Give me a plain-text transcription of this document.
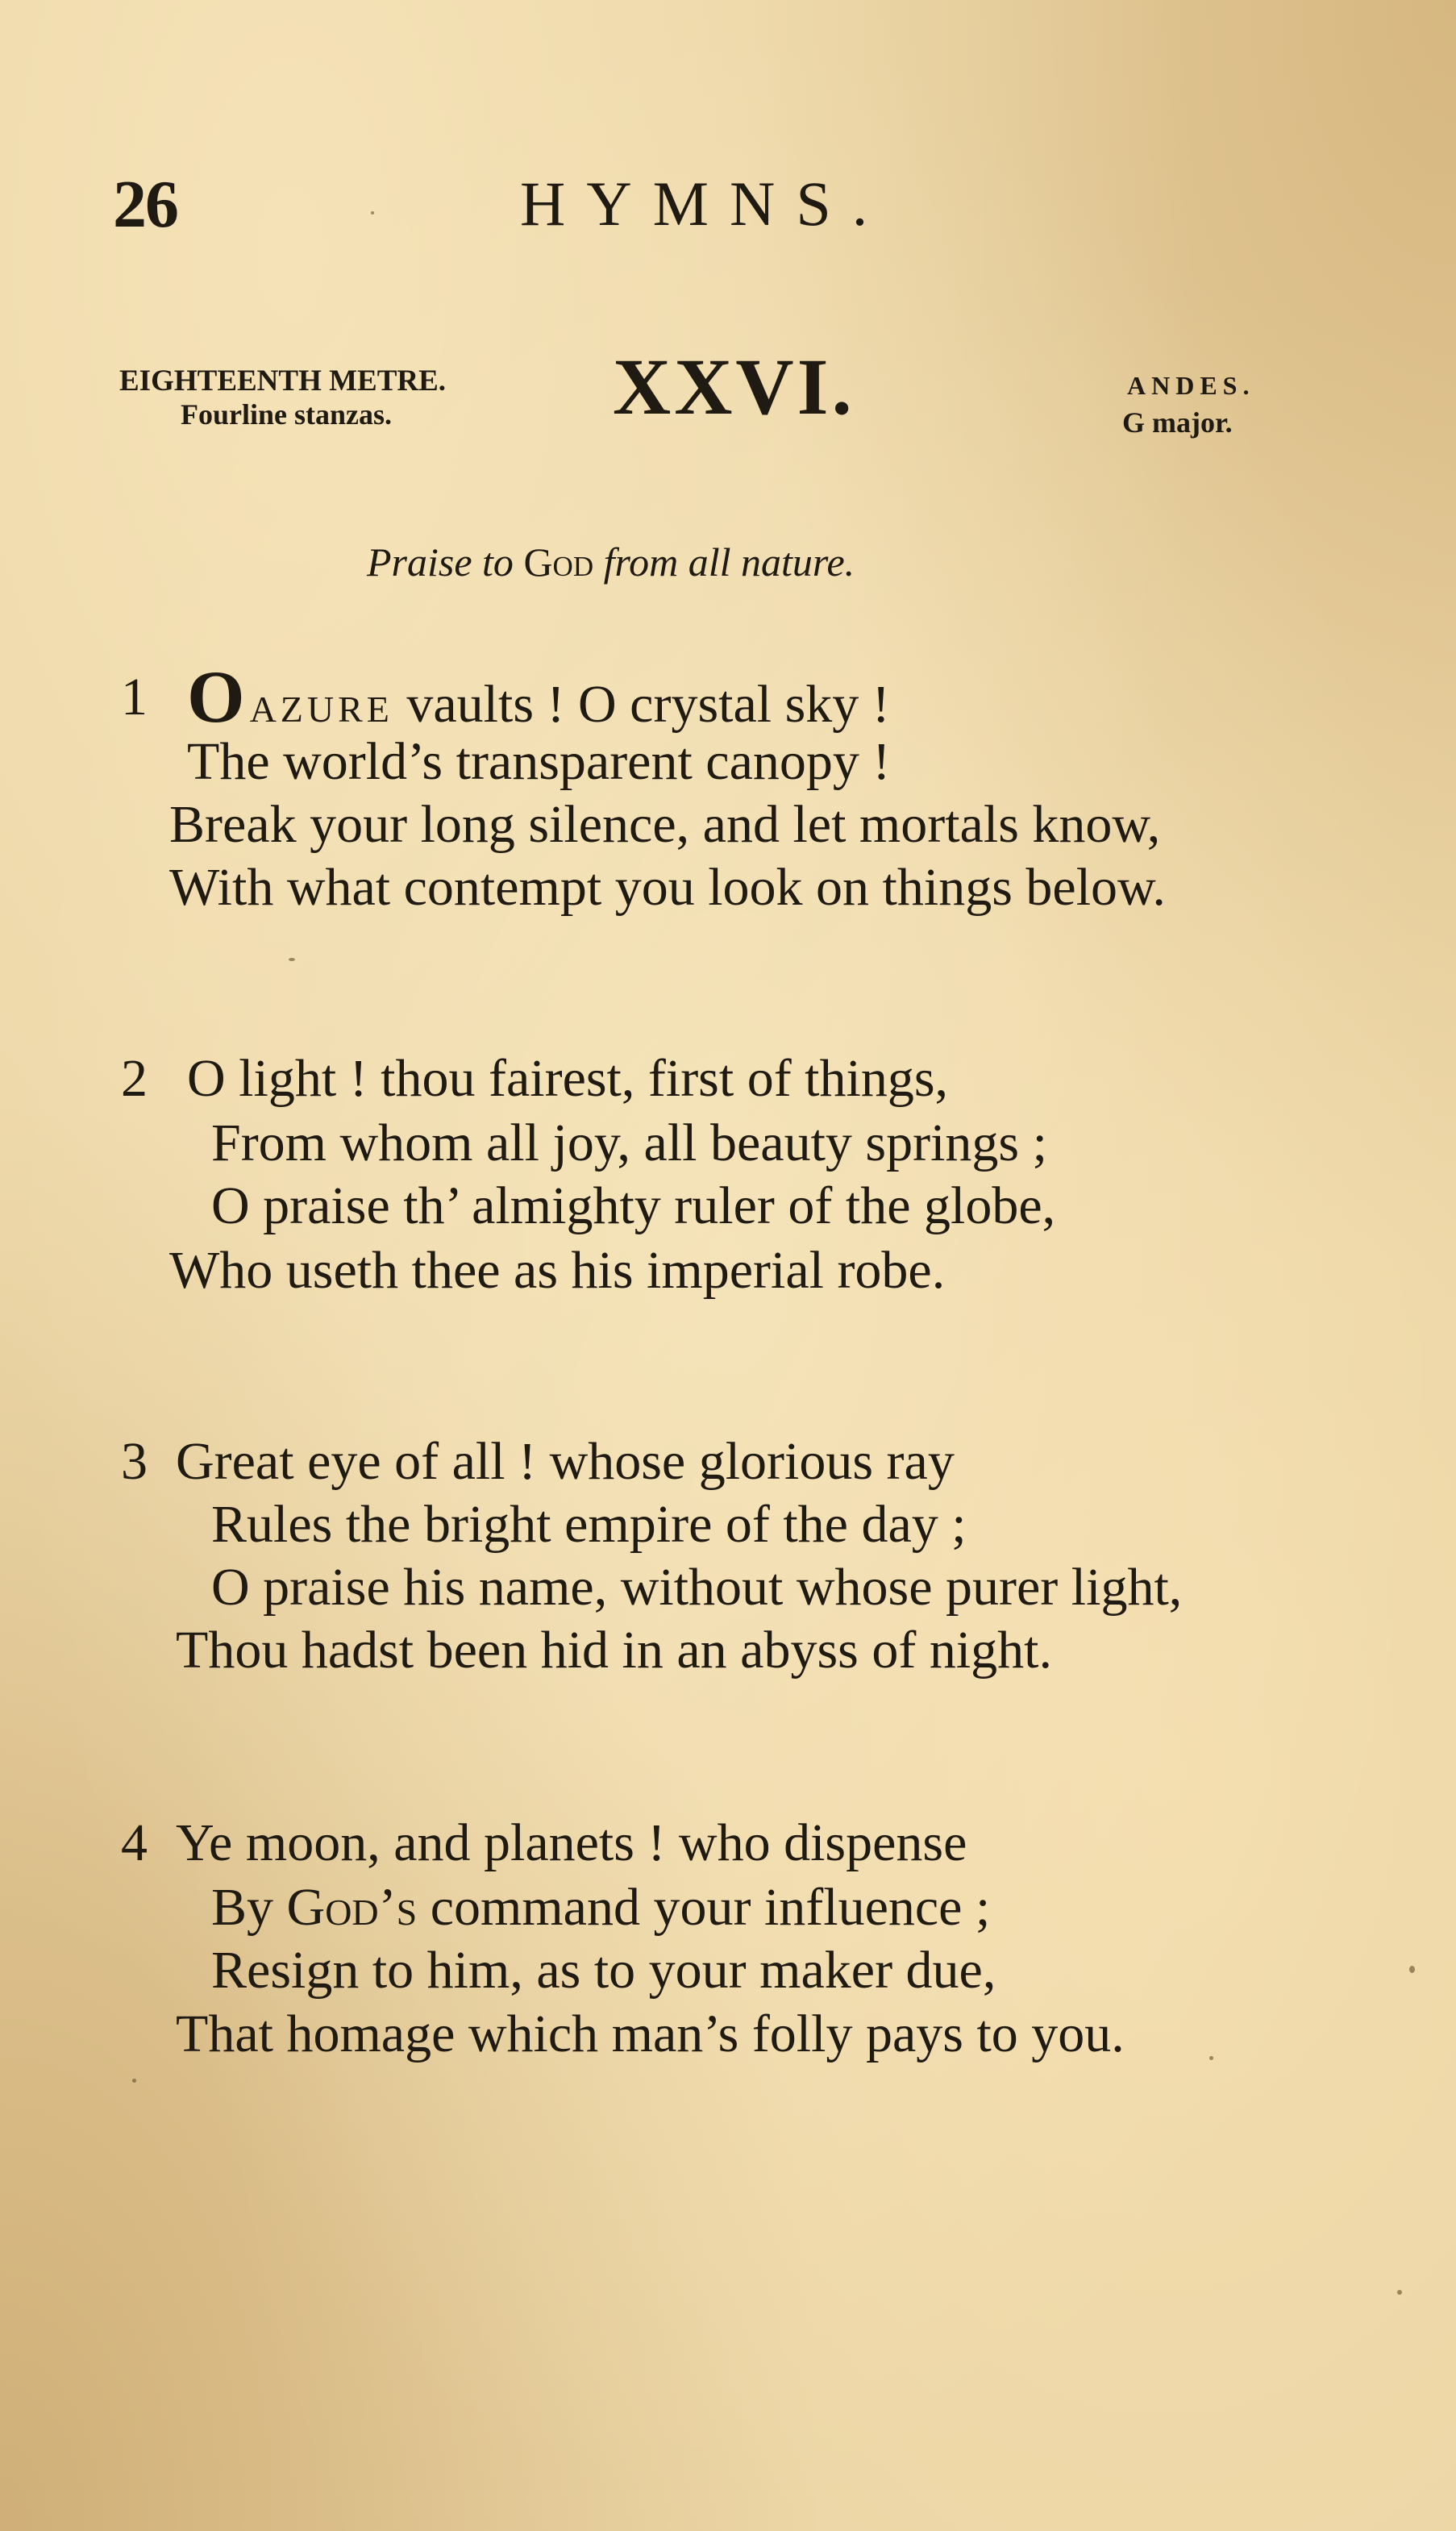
26	HYMNS.
EIGHTEENTH METRE.
Fourline stanzas.	XXVI.	ANDES.
G major.
Praise to God from all nature.
1 Oazure vaults ! O crystal sky !
The world’s transparent canopy !
Break your long silence, and let mortals know,
With what contempt you look on things below.
2 O light ! thou fairest, first of things,
From whom all joy, all beauty springs ;
O praise th’ almighty ruler of the globe,
Who useth thee as his imperial robe.
3 Great eye of all ! whose glorious ray
Rules the bright empire of the day ;
O praise his name, without whose purer light,
Thou hadst been hid in an abyss of night.
4 Ye moon, and planets ! who dispense
By God’s command your influence ;
Resign to him, as to your maker due,
That homage which man’s folly pays to you.
